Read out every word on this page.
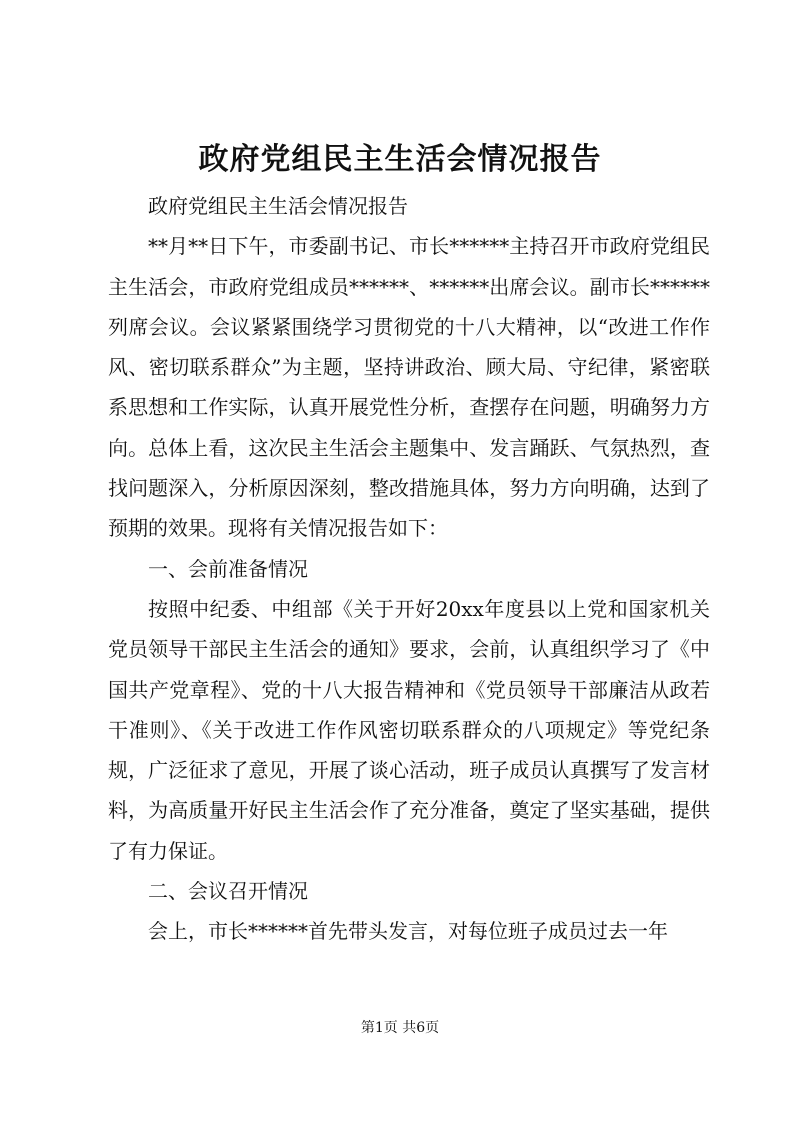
政府党组民主生活会情况报告

政府党组民主生活会情况报告

**月**日下午，市委副书记、市长******主持召开市政府党组民主生活会，市政府党组成员******、******出席会议。副市长******列席会议。会议紧紧围绕学习贯彻党的十八大精神，以“改进工作作风、密切联系群众”为主题，坚持讲政治、顾大局、守纪律，紧密联系思想和工作实际，认真开展党性分析，查摆存在问题，明确努力方向。总体上看，这次民主生活会主题集中、发言踊跃、气氛热烈，查找问题深入，分析原因深刻，整改措施具体，努力方向明确，达到了预期的效果。现将有关情况报告如下：

一、会前准备情况

按照中纪委、中组部《关于开好20xx年度县以上党和国家机关党员领导干部民主生活会的通知》要求，会前，认真组织学习了《中国共产党章程》、党的十八大报告精神和《党员领导干部廉洁从政若干准则》、《关于改进工作作风密切联系群众的八项规定》等党纪条规，广泛征求了意见，开展了谈心活动，班子成员认真撰写了发言材料，为高质量开好民主生活会作了充分准备，奠定了坚实基础，提供了有力保证。

二、会议召开情况

会上，市长******首先带头发言，对每位班子成员过去一年

第1页 共6页
